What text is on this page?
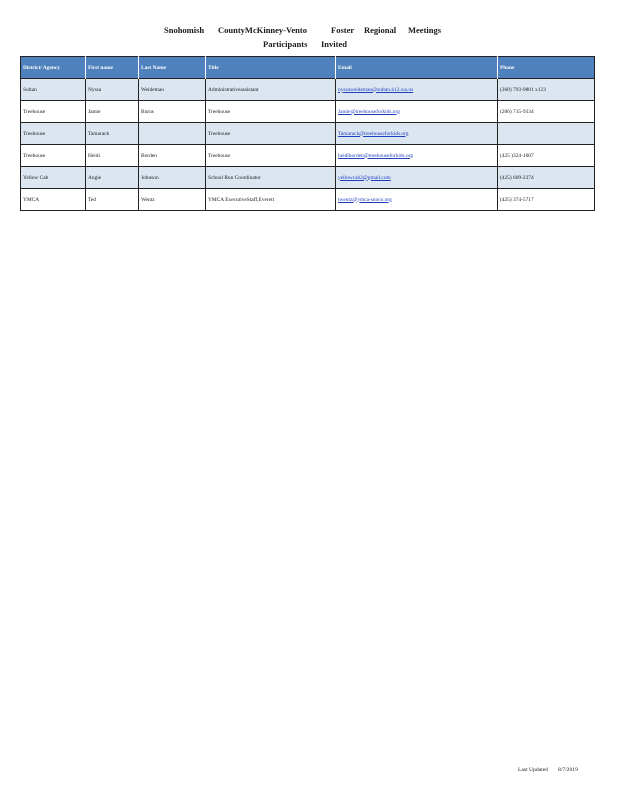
Snohomish CountyMcKinney-Vento	Foster Regional Meetings
Participants Invited
District/ Agency	First name	Last Name	Title	Email	Phone
Sultan	Nyssa	Weideman	Administrativeassistant	nyssaweideman@sultan.k12.wa.us	(360) 793-9801 x123
Treehouse	Jamie	Burns	Treehouse	Jamie@treehouseforkids.org	(206) 715-9334
Treehouse	Tamarack		Treehouse	Tamarack@treehouseforkids.org	
Treehouse	Heidi	Borden	Treehouse	heidiborden@treehouseforkids.org	(425 )324-1607
Yellow Cab	Angie	Johnson	School Run Coordinator	yellowcab2@gmail.com	(425) 609-2374
YMCA	Ted	Wentz	YMCA ExecutiveStaff,Everett	twentz@ymca-snoco.org	(425) 374-5717
Last Updated 8/7/2019
